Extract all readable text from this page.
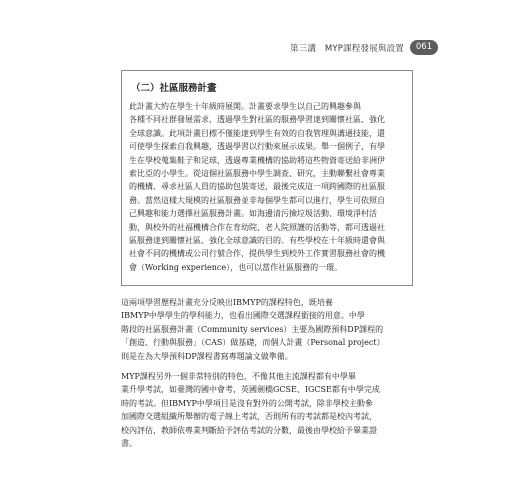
第三講　MYP課程發展與設置	061
（二）社區服務計畫

此計畫大約在學生十年級時展開。計畫要求學生以自己的興趣參與
各種不同社群發展需求，透過學生對社區的服務學習達到關懷社區、強化
全球意識。此項計畫目標不僅能達到學生有效的自我管理與溝通技能，還
可使學生探索自我興趣，透過學習以行動來展示成果。舉一個例子，有學
生在學校蒐集鞋子和足球，透過專業機構的協助將這些物資寄送給非洲伊
索比亞的小學生。從這個社區服務中學生調查、研究，主動聯繫社會專業
的機構、尋求社區人員的協助包裝寄送，最後完成這一項跨國際的社區服
務。當然這樣大規模的社區服務並非每個學生都可以進行，學生可依照自
己興趣和能力選擇社區服務計畫。如海邊清污撿垃圾活動、環境淨村活
動，與校外的社福機構合作在育幼院、老人院照護的活動等，都可透過社
區服務達到關懷社區、強化全球意識的目的。有些學校在十年級時還會與
社會不同的機構或公司行號合作，提供學生到校外工作實習服務社會的機
會（Working experience），也可以當作社區服務的一環。

這兩項學習歷程計畫充分反映出IBMYP的課程特色，既培養
IBMYP中學學生的學科能力，也看出國際交選課程銜接的用意。中學
階段的社區服務計畫（Community services）主要為國際預科DP課程的
「創造、行動與服務」（CAS）做基礎，而個人計畫（Personal project）
則是在為大學預科DP課程書寫專題論文做準備。

MYP課程另外一個非常特別的特色，不像其他主流課程都有中學畢
業升學考試，如臺灣的國中會考，英國劍橋GCSE、IGCSE都有中學完成
時的考試。但IBMYP中學項目是沒有對外的公開考試，除非學校主動參
加國際交選組織所舉辦的電子線上考試，否則所有的考試都是校內考試，
校內評估，教師依專業判斷給予評估考試的分數，最後由學校給予畢業證
書。
